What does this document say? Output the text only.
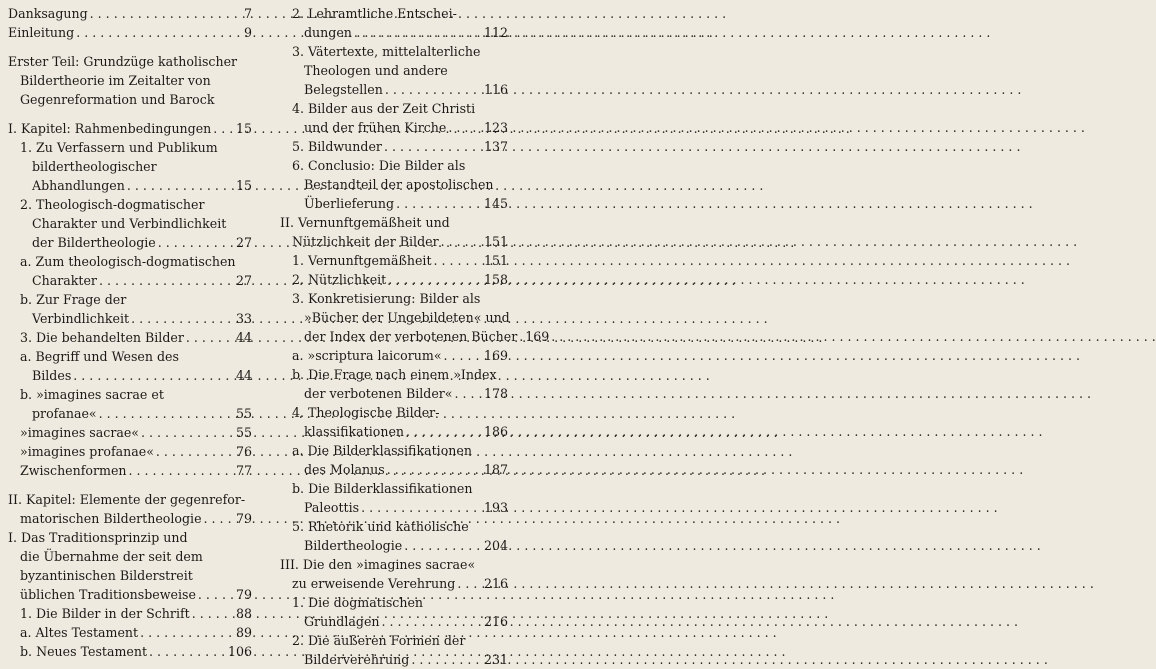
Danksagung . . .	7
Einleitung . . .	9
Erster Teil: Grundzüge katholischer
Bildertheorie im Zeitalter von
Gegenreformation und Barock
I. Kapitel: Rahmenbedingungen . . . 15
1. Zu Verfassern und Publikum
bildertheologischer
Abhandlungen . . .	15
2. Theologisch-dogmatischer
Charakter und Verbindlichkeit
der Bildertheologie . . .	27
a. Zum theologisch-dogmatischen
Charakter . . .	27
b. Zur Frage der
Verbindlichkeit . . .	33
3. Die behandelten Bilder . . .	44
a. Begriff und Wesen des
Bildes . . .	44
b. »imagines sacrae et
profanae« . . .	55
»imagines sacrae« . . .	55
»imagines profanae« . . .	76
Zwischenformen . . .	77
II. Kapitel: Elemente der gegenrefor-
matorischen Bildertheologie . . .	79
I. Das Traditionsprinzip und
die Übernahme der seit dem
byzantinischen Bilderstreit
üblichen Traditionsbeweise . . .	79
1. Die Bilder in der Schrift . . .	88
a. Altes Testament . . .	89
b. Neues Testament . . .	106
2. Lehramtliche Entschei-
dungen . . .	112
3. Vätertexte, mittelalterliche
Theologen und andere
Belegstellen . . .	116
4. Bilder aus der Zeit Christi
und der frühen Kirche . . .	123
5. Bildwunder . . .	137
6. Conclusio: Die Bilder als
Bestandteil der apostolischen
Überlieferung . . .	145
II. Vernunftgemäßheit und
Nützlichkeit der Bilder . . .	151
1. Vernunftgemäßheit . . .	151
2. Nützlichkeit . . .	158
3. Konkretisierung: Bilder als
»Bücher der Ungebildeten« und
der Index der verbotenen Bücher . . . 169
a. »scriptura laicorum« . . .	169
b. Die Frage nach einem »Index
der verbotenen Bilder« . . . 178
4. Theologische Bilder-
klassifikationen . . .	186
a. Die Bilderklassifikationen
des Molanus . . .	187
b. Die Bilderklassifikationen
Paleottis . . .	193
5. Rhetorik und katholische
Bildertheologie . . .	204
III. Die den »imagines sacrae«
zu erweisende Verehrung . . . 216
1. Die dogmatischen
Grundlagen . . .	216
2. Die äußeren Formen der
Bilderverehrung . . .	231
